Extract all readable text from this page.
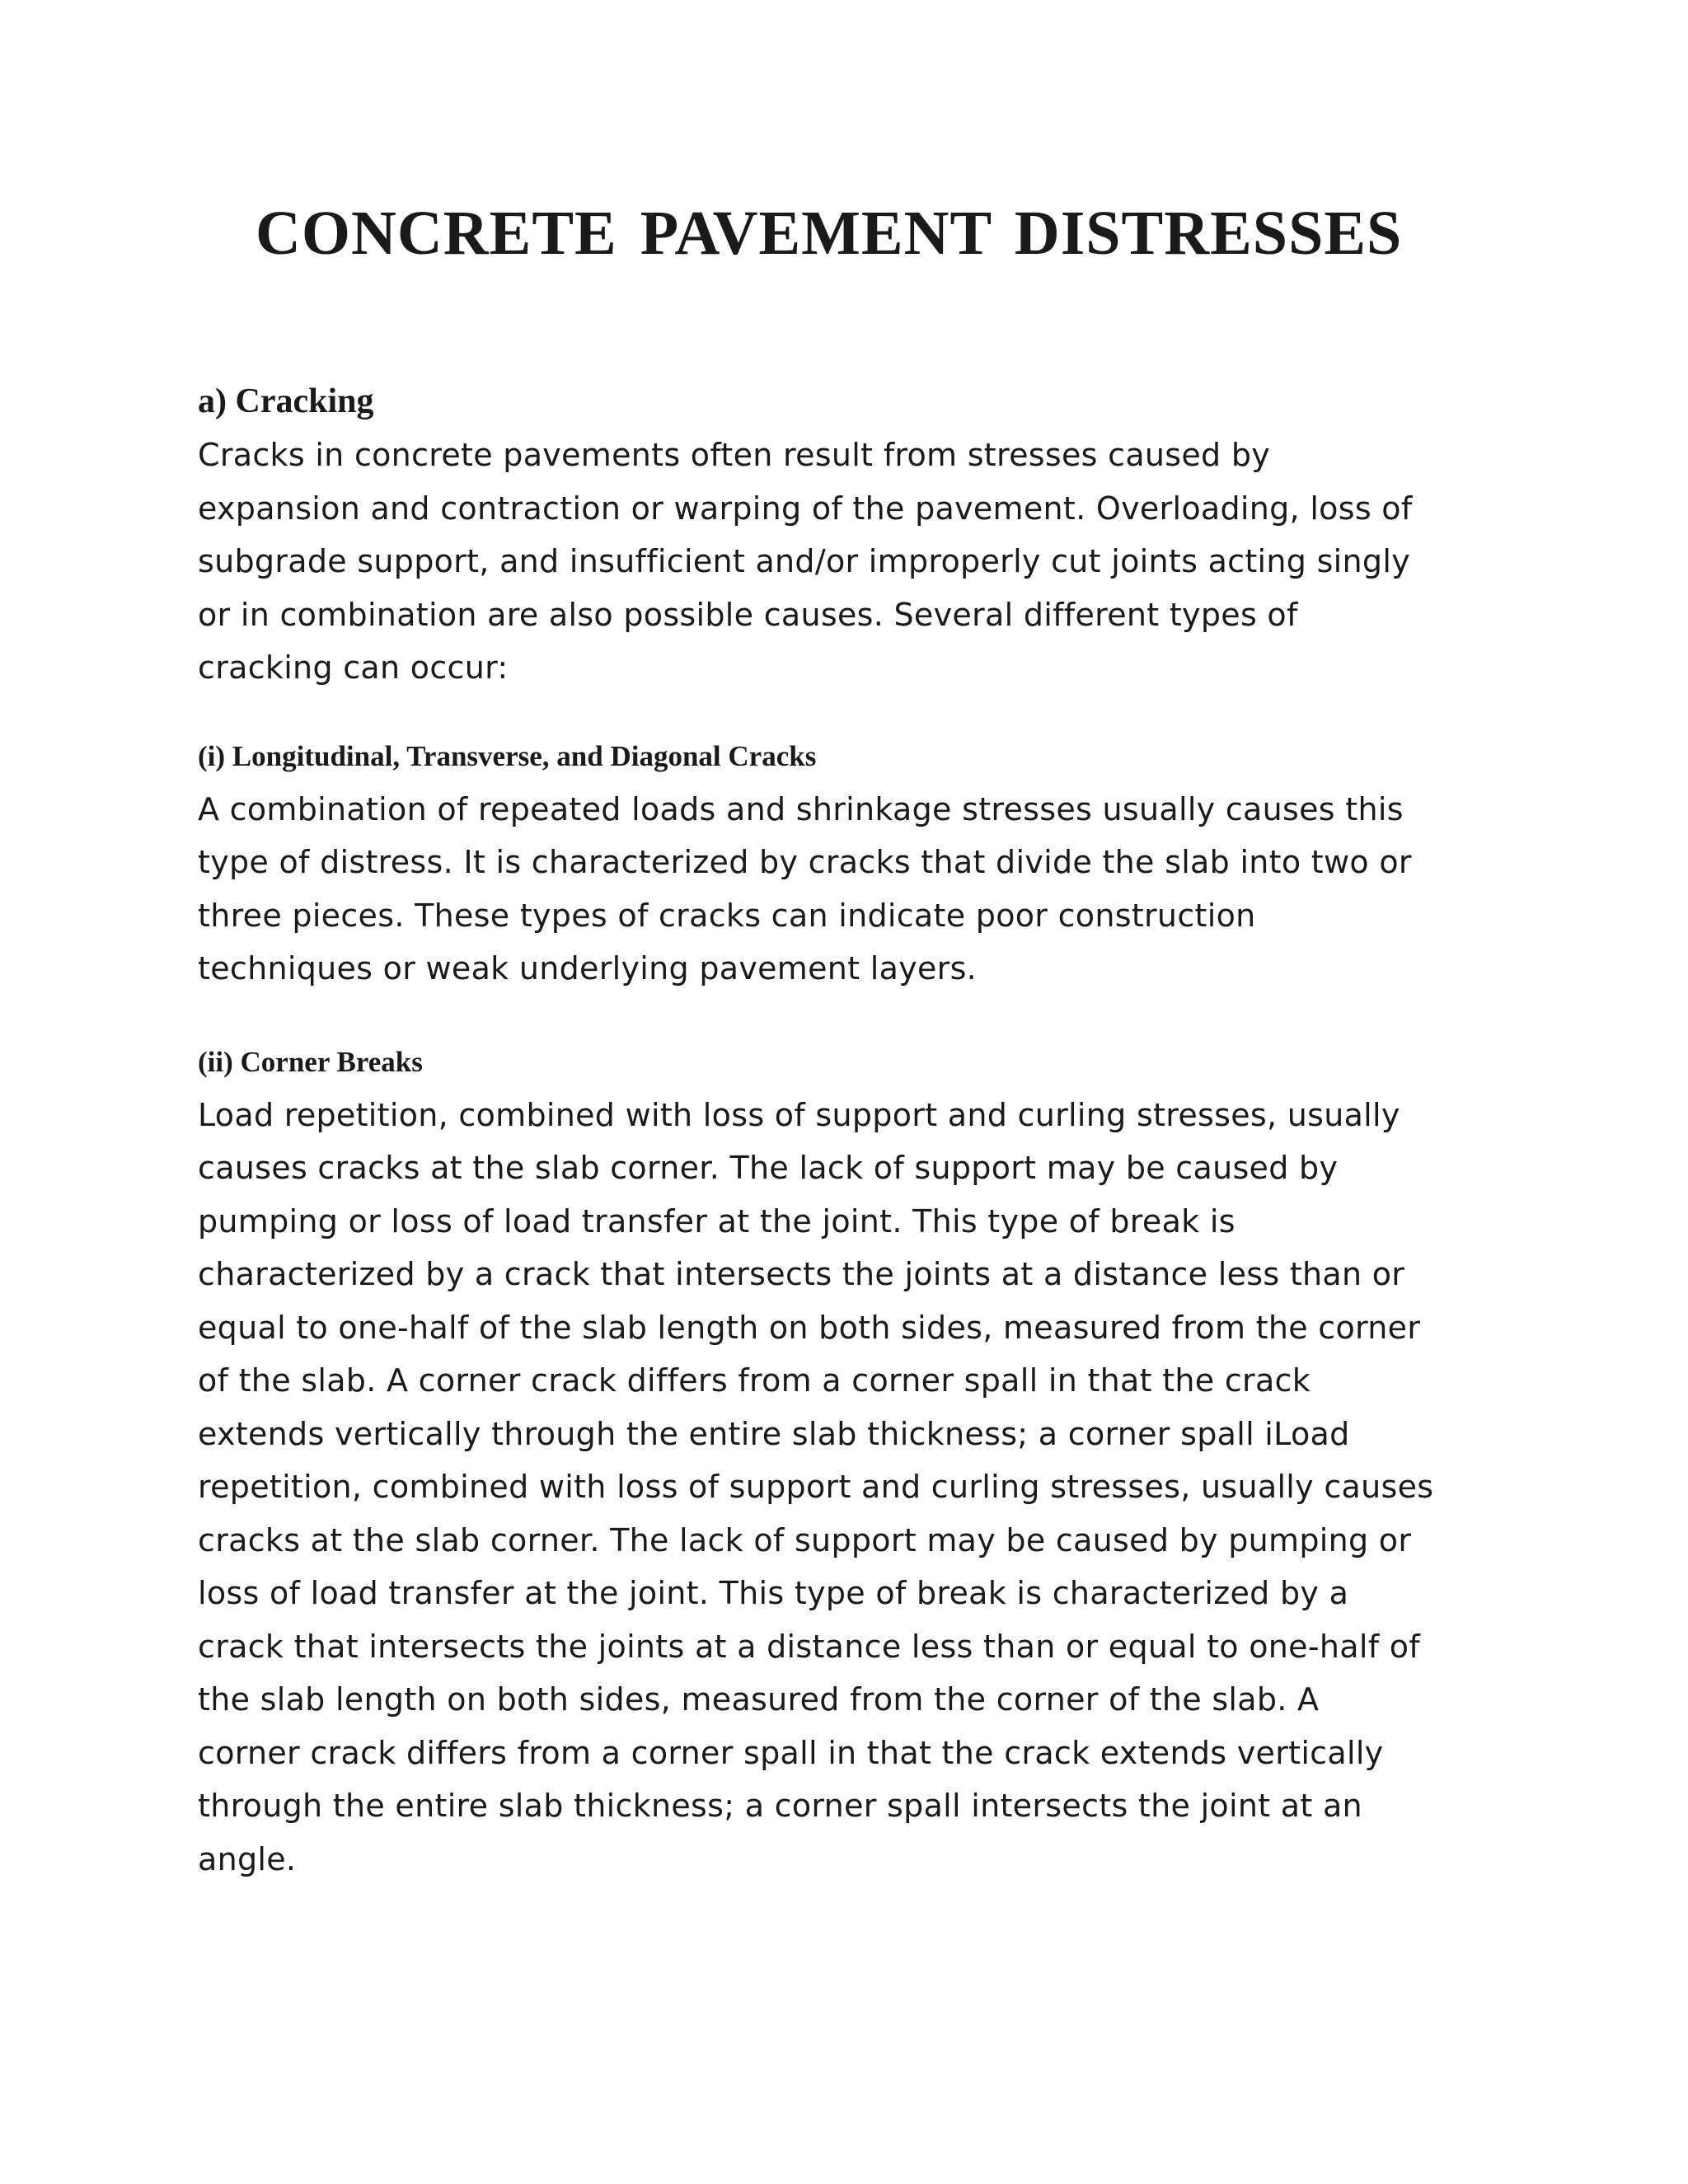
CONCRETE PAVEMENT DISTRESSES
a) Cracking

Cracks in concrete pavements often result from stresses caused by
expansion and contraction or warping of the pavement. Overloading, loss of
subgrade support, and insufficient and/or improperly cut joints acting singly
or in combination are also possible causes. Several different types of
cracking can occur:

(i) Longitudinal, Transverse, and Diagonal Cracks

A combination of repeated loads and shrinkage stresses usually causes this
type of distress. It is characterized by cracks that divide the slab into two or
three pieces. These types of cracks can indicate poor construction
techniques or weak underlying pavement layers.

(ii) Corner Breaks

Load repetition, combined with loss of support and curling stresses, usually
causes cracks at the slab corner. The lack of support may be caused by
pumping or loss of load transfer at the joint. This type of break is
characterized by a crack that intersects the joints at a distance less than or
equal to one-half of the slab length on both sides, measured from the corner
of the slab. A corner crack differs from a corner spall in that the crack
extends vertically through the entire slab thickness; a corner spall iLoad
repetition, combined with loss of support and curling stresses, usually causes
cracks at the slab corner. The lack of support may be caused by pumping or
loss of load transfer at the joint. This type of break is characterized by a
crack that intersects the joints at a distance less than or equal to one-half of
the slab length on both sides, measured from the corner of the slab. A
corner crack differs from a corner spall in that the crack extends vertically
through the entire slab thickness; a corner spall intersects the joint at an
angle.
